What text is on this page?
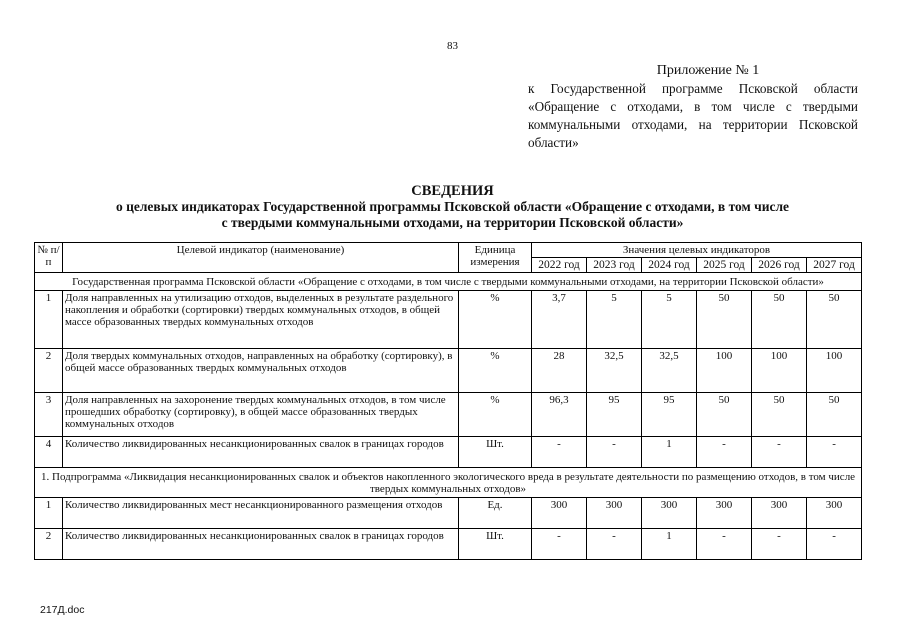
83
Приложение № 1
к Государственной программе Псковской области «Обращение с отходами, в том числе с твердыми коммунальными отходами, на территории Псковской области»
СВЕДЕНИЯ
о целевых индикаторах Государственной программы Псковской области «Обращение с отходами, в том числе
с твердыми коммунальными отходами, на территории Псковской области»
№ п/п	Целевой индикатор (наименование)	Единица измерения	Значения целевых индикаторов					
			2022 год	2023 год	2024 год	2025 год	2026 год	2027 год
Государственная программа Псковской области «Обращение с отходами, в том числе с твердыми коммунальными отходами, на территории Псковской области»								
1	Доля направленных на утилизацию отходов, выделенных в результате раздельного накопления и обработки (сортировки) твердых коммунальных отходов, в общей массе образованных твердых коммунальных отходов	%	3,7	5	5	50	50	50
2	Доля твердых коммунальных отходов, направленных на обработку (сортировку), в общей массе образованных твердых коммунальных отходов	%	28	32,5	32,5	100	100	100
3	Доля направленных на захоронение твердых коммунальных отходов, в том числе прошедших обработку (сортировку), в общей массе образованных твердых коммунальных отходов	%	96,3	95	95	50	50	50
4	Количество ликвидированных несанкционированных свалок в границах городов	Шт.	-	-	1	-	-	-
1. Подпрограмма «Ликвидация несанкционированных свалок и объектов накопленного экологического вреда в результате деятельности по размещению отходов, в том числе твердых коммунальных отходов»								
1	Количество ликвидированных мест несанкционированного размещения отходов	Ед.	300	300	300	300	300	300
2	Количество ликвидированных несанкционированных свалок в границах городов	Шт.	-	-	1	-	-	-
217Д.doc
